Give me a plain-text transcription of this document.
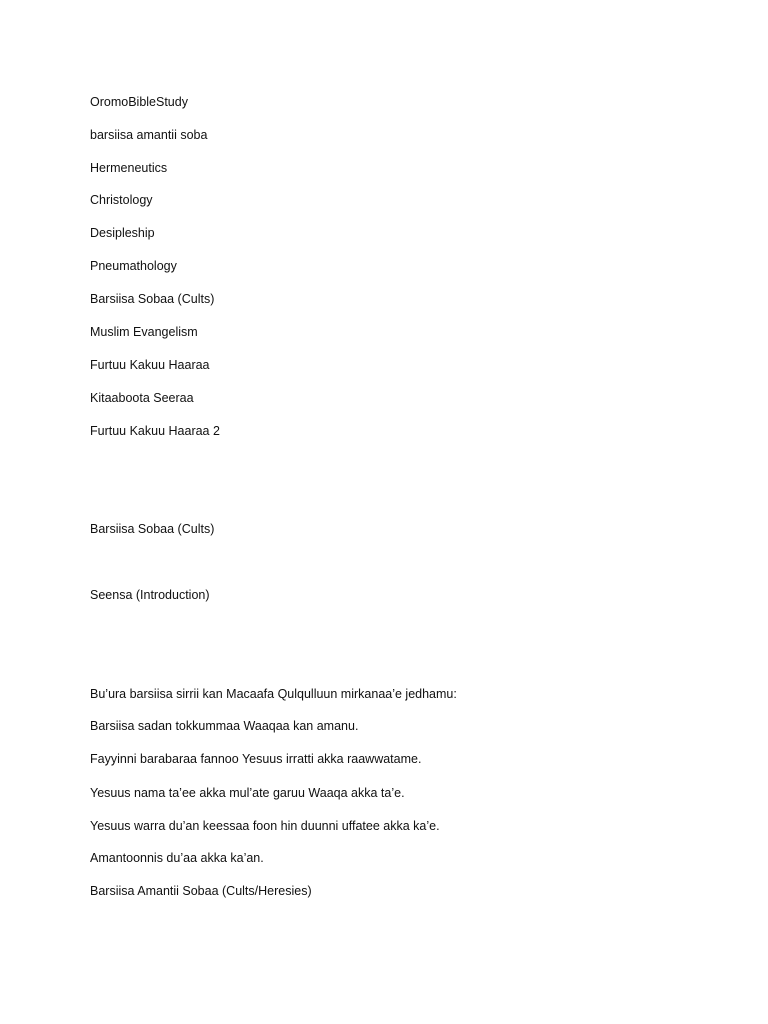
OromoBibleStudy
barsiisa amantii soba
Hermeneutics
Christology
Desipleship
Pneumathology
Barsiisa Sobaa (Cults)
Muslim Evangelism
Furtuu Kakuu Haaraa
Kitaaboota Seeraa
Furtuu Kakuu Haaraa 2
Barsiisa Sobaa (Cults)
Seensa (Introduction)
Bu’ura barsiisa sirrii kan Macaafa Qulqulluun mirkanaa’e jedhamu:
Barsiisa sadan tokkummaa Waaqaa kan amanu.
Fayyinni barabaraa fannoo Yesuus irratti akka raawwatame.
Yesuus nama ta’ee akka mul’ate garuu Waaqa akka ta’e.
Yesuus warra du’an keessaa foon hin duunni uffatee akka ka’e.
Amantoonnis du’aa akka ka’an.
Barsiisa Amantii Sobaa (Cults/Heresies)
